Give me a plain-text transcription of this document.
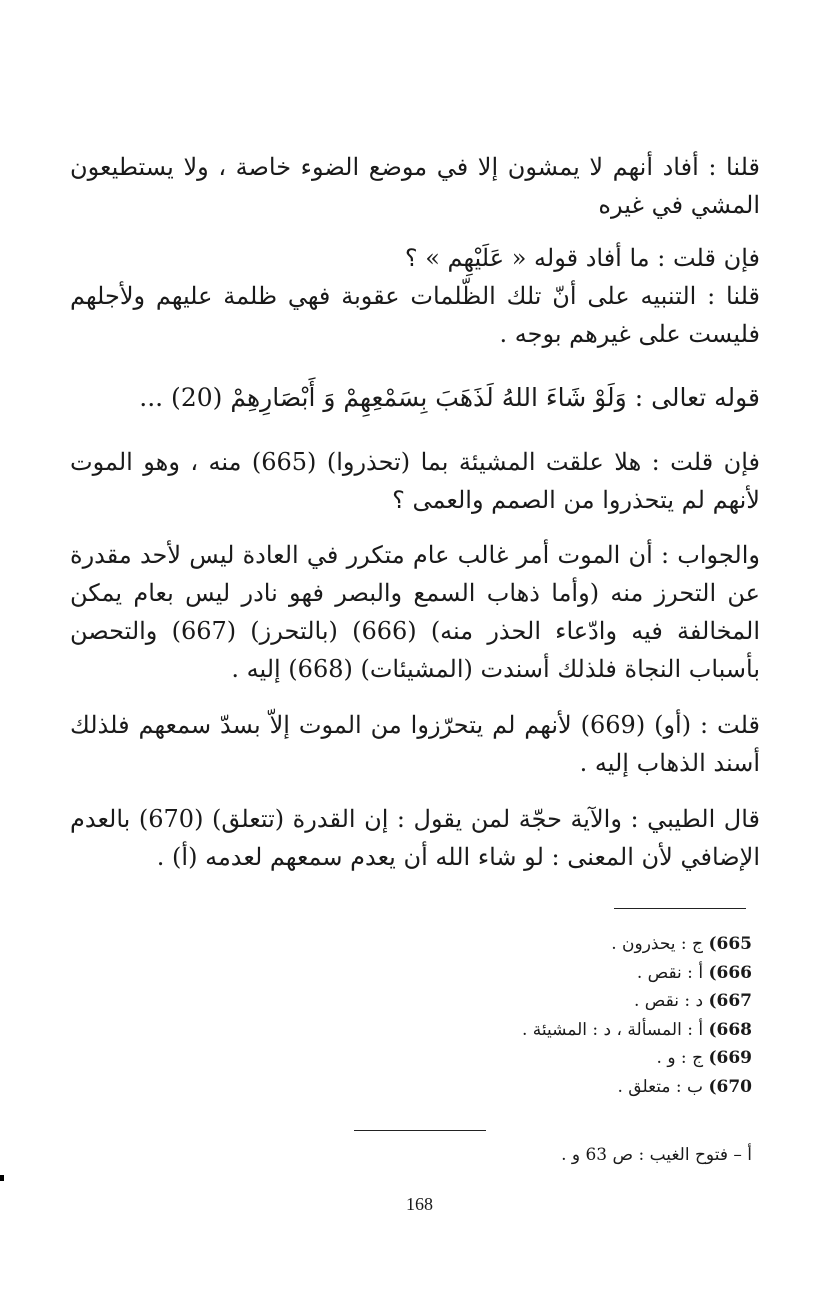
قلنا : أفاد أنهم لا يمشون إلا في موضع الضوء خاصة ، ولا يستطيعون المشي في غيره

فإن قلت : ما أفاد قوله « عَلَيْهِم » ؟

قلنا : التنبيه على أنّ تلك الظّلمات عقوبة فهي ظلمة عليهم ولأجلهم فليست على غيرهم بوجه .

قوله تعالى : وَلَوْ شَاءَ اللهُ لَذَهَبَ بِسَمْعِهِمْ وَ أَبْصَارِهِمْ (20) ...

فإن قلت : هلا علقت المشيئة بما (تحذروا) (665) منه ، وهو الموت لأنهم لم يتحذروا من الصمم والعمى ؟

والجواب : أن الموت أمر غالب عام متكرر في العادة ليس لأحد مقدرة عن التحرز منه (وأما ذهاب السمع والبصر فهو نادر ليس بعام يمكن المخالفة فيه وادّعاء الحذر منه) (666) (بالتحرز) (667) والتحصن بأسباب النجاة فلذلك أسندت (المشيئات) (668) إليه .

قلت : (أو) (669) لأنهم لم يتحرّزوا من الموت إلاّ بسدّ سمعهم فلذلك أسند الذهاب إليه .

قال الطيبي : والآية حجّة لمن يقول : إن القدرة (تتعلق) (670) بالعدم الإضافي لأن المعنى : لو شاء الله أن يعدم سمعهم لعدمه (أ) .

665) ج : يحذرون .
666) أ : نقص .
667) د : نقص .
668) أ : المسألة ، د : المشيئة .
669) ج : و .
670) ب : متعلق .
أ – فتوح الغيب : ص 63 و .
168
